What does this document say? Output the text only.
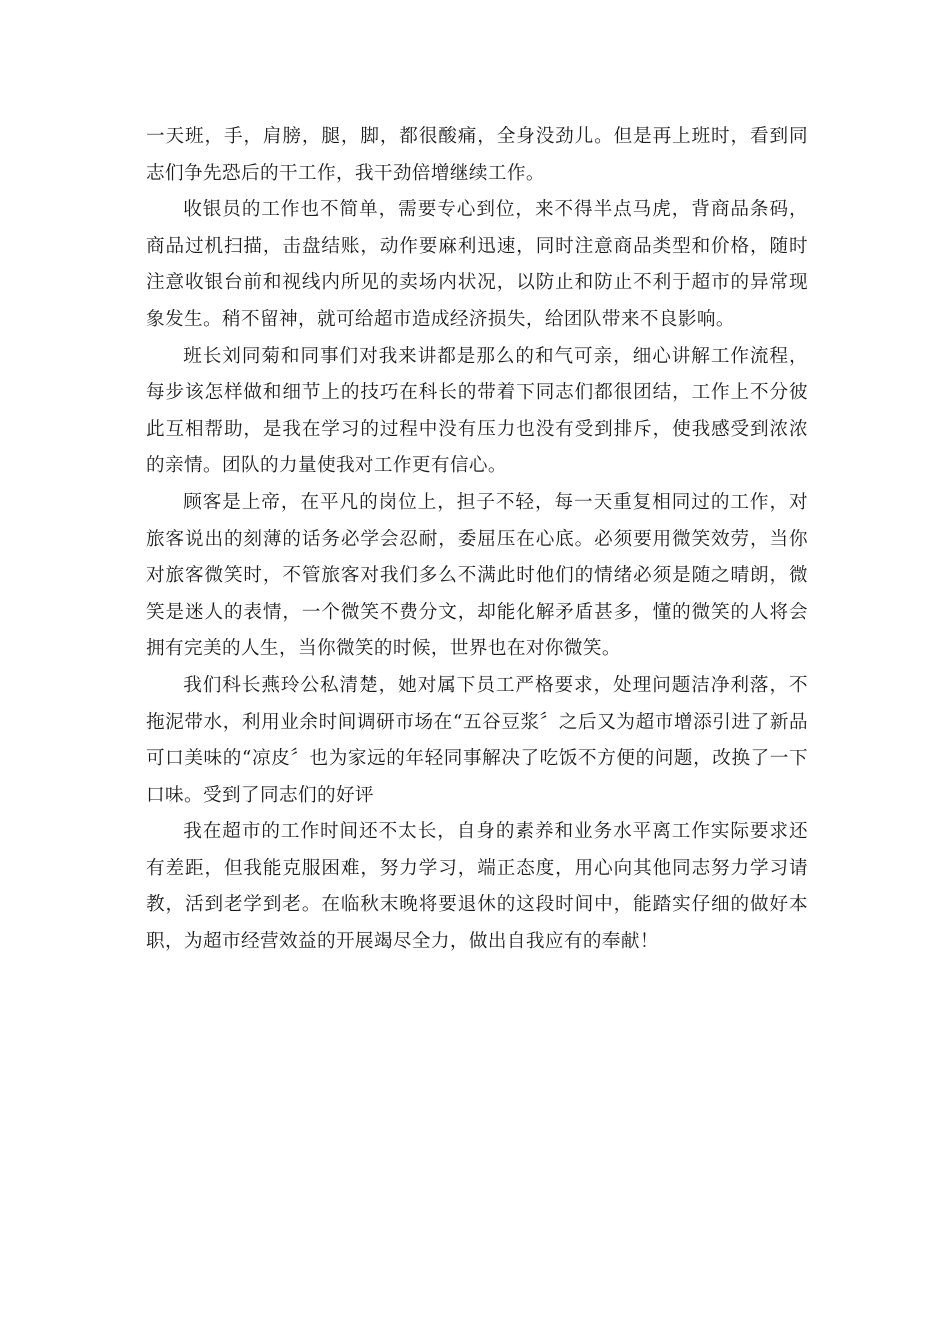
一天班，手，肩膀，腿，脚，都很酸痛，全身没劲儿。但是再上班时，看到同志们争先恐后的干工作，我干劲倍增继续工作。

收银员的工作也不简单，需要专心到位，来不得半点马虎，背商品条码，商品过机扫描，击盘结账，动作要麻利迅速，同时注意商品类型和价格，随时注意收银台前和视线内所见的卖场内状况，以防止和防止不利于超市的异常现象发生。稍不留神，就可给超市造成经济损失，给团队带来不良影响。

班长刘同菊和同事们对我来讲都是那么的和气可亲，细心讲解工作流程，每步该怎样做和细节上的技巧在科长的带着下同志们都很团结，工作上不分彼此互相帮助，是我在学习的过程中没有压力也没有受到排斥，使我感受到浓浓的亲情。团队的力量使我对工作更有信心。

顾客是上帝，在平凡的岗位上，担子不轻，每一天重复相同过的工作，对旅客说出的刻薄的话务必学会忍耐，委屈压在心底。必须要用微笑效劳，当你对旅客微笑时，不管旅客对我们多么不满此时他们的情绪必须是随之晴朗，微笑是迷人的表情，一个微笑不费分文，却能化解矛盾甚多，懂的微笑的人将会拥有完美的人生，当你微笑的时候，世界也在对你微笑。

我们科长燕玲公私清楚，她对属下员工严格要求，处理问题洁净利落，不拖泥带水，利用业余时间调研市场在“五谷豆浆〞之后又为超市增添引进了新品可口美味的“凉皮〞也为家远的年轻同事解决了吃饭不方便的问题，改换了一下口味。受到了同志们的好评

我在超市的工作时间还不太长，自身的素养和业务水平离工作实际要求还有差距，但我能克服困难，努力学习，端正态度，用心向其他同志努力学习请教，活到老学到老。在临秋末晚将要退休的这段时间中，能踏实仔细的做好本职，为超市经营效益的开展竭尽全力，做出自我应有的奉献！
